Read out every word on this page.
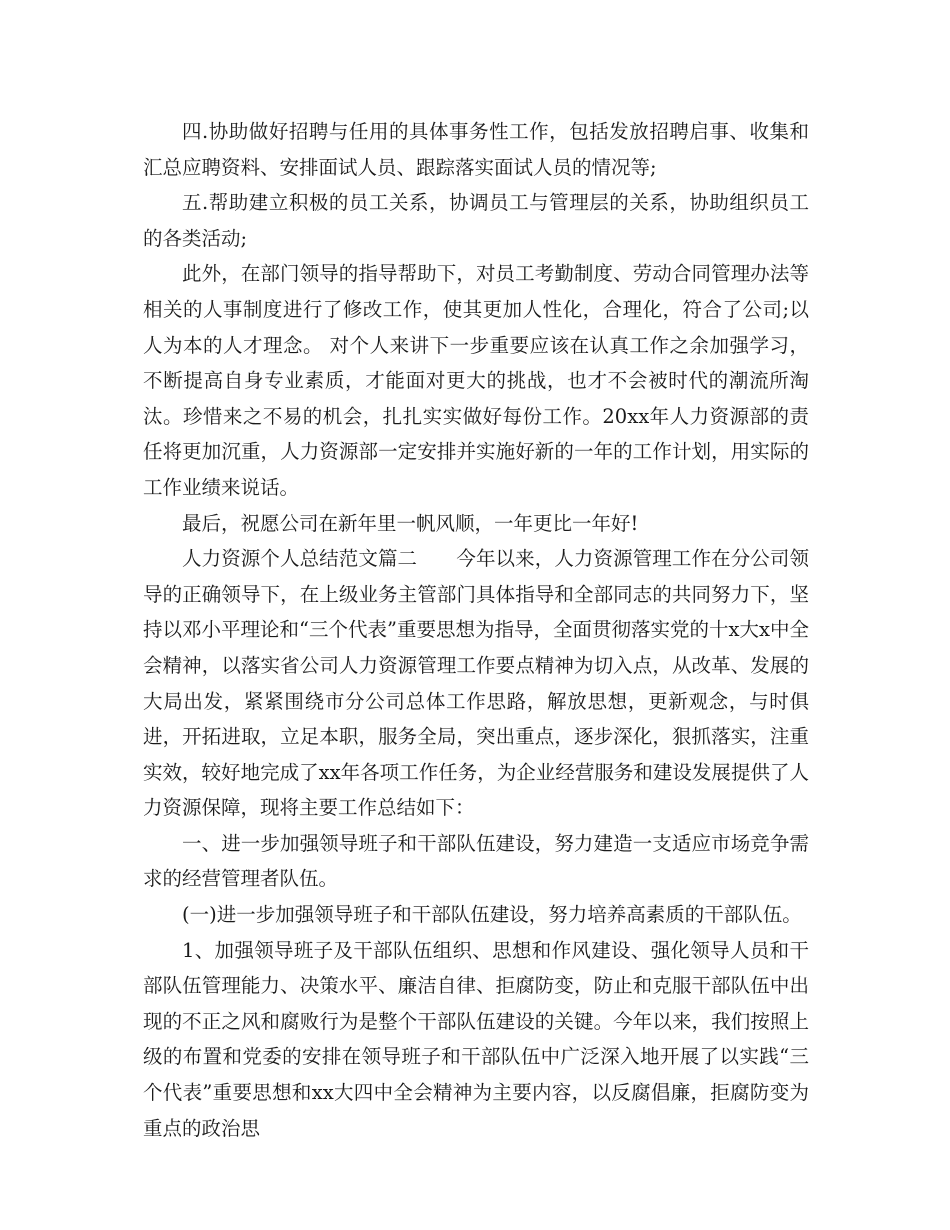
四.协助做好招聘与任用的具体事务性工作，包括发放招聘启事、收集和汇总应聘资料、安排面试人员、跟踪落实面试人员的情况等;

五.帮助建立积极的员工关系，协调员工与管理层的关系，协助组织员工的各类活动;

此外，在部门领导的指导帮助下，对员工考勤制度、劳动合同管理办法等相关的人事制度进行了修改工作，使其更加人性化，合理化，符合了公司;以人为本的人才理念。 对个人来讲下一步重要应该在认真工作之余加强学习，不断提高自身专业素质，才能面对更大的挑战，也才不会被时代的潮流所淘汰。珍惜来之不易的机会，扎扎实实做好每份工作。20xx年人力资源部的责任将更加沉重，人力资源部一定安排并实施好新的一年的工作计划，用实际的工作业绩来说话。

最后，祝愿公司在新年里一帆风顺，一年更比一年好!

人力资源个人总结范文篇二　　今年以来，人力资源管理工作在分公司领导的正确领导下，在上级业务主管部门具体指导和全部同志的共同努力下，坚持以邓小平理论和“三个代表”重要思想为指导，全面贯彻落实党的十x大x中全会精神，以落实省公司人力资源管理工作要点精神为切入点，从改革、发展的大局出发，紧紧围绕市分公司总体工作思路，解放思想，更新观念，与时俱进，开拓进取，立足本职，服务全局，突出重点，逐步深化，狠抓落实，注重实效，较好地完成了xx年各项工作任务，为企业经营服务和建设发展提供了人力资源保障，现将主要工作总结如下：

一、进一步加强领导班子和干部队伍建设，努力建造一支适应市场竞争需求的经营管理者队伍。

(一)进一步加强领导班子和干部队伍建设，努力培养高素质的干部队伍。

1、加强领导班子及干部队伍组织、思想和作风建设、强化领导人员和干部队伍管理能力、决策水平、廉洁自律、拒腐防变，防止和克服干部队伍中出现的不正之风和腐败行为是整个干部队伍建设的关键。今年以来，我们按照上级的布置和党委的安排在领导班子和干部队伍中广泛深入地开展了以实践“三个代表”重要思想和xx大四中全会精神为主要内容，以反腐倡廉，拒腐防变为重点的政治思
